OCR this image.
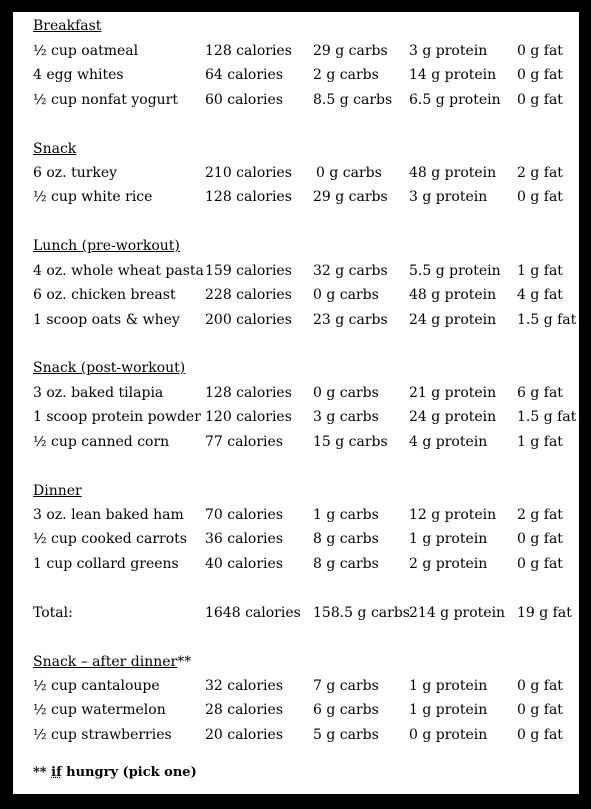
Breakfast
½ cup oatmeal	128 calories 29 g carbs 3 g protein 0 g fat
4 egg whites	64 calories 2 g carbs 14 g protein 0 g fat
½ cup nonfat yogurt 60 calories 8.5 g carbs 6.5 g protein 0 g fat
Snack
6 oz. turkey	210 calories 0 g carbs 48 g protein 2 g fat
½ cup white rice	128 calories 29 g carbs 3 g protein 0 g fat
Lunch (pre-workout)
4 oz. whole wheat pasta 159 calories 32 g carbs 5.5 g protein 1 g fat
6 oz. chicken breast 228 calories 0 g carbs 48 g protein 4 g fat
1 scoop oats & whey 200 calories 23 g carbs 24 g protein 1.5 g fat
Snack (post-workout)
3 oz. baked tilapia	128 calories 0 g carbs 21 g protein 6 g fat
1 scoop protein powder 120 calories 3 g carbs 24 g protein 1.5 g fat
½ cup canned corn	77 calories 15 g carbs 4 g protein 1 g fat
Dinner
3 oz. lean baked ham 70 calories 1 g carbs 12 g protein 2 g fat
½ cup cooked carrots 36 calories 8 g carbs 1 g protein 0 g fat
1 cup collard greens 40 calories 8 g carbs 2 g protein 0 g fat
Total:	1648 calories 158.5 g carbs 214 g protein 19 g fat
Snack – after dinner**
½ cup cantaloupe	32 calories 7 g carbs 1 g protein 0 g fat
½ cup watermelon	28 calories 6 g carbs 1 g protein 0 g fat
½ cup strawberries 20 calories 5 g carbs 0 g protein 0 g fat
** if hungry (pick one)
